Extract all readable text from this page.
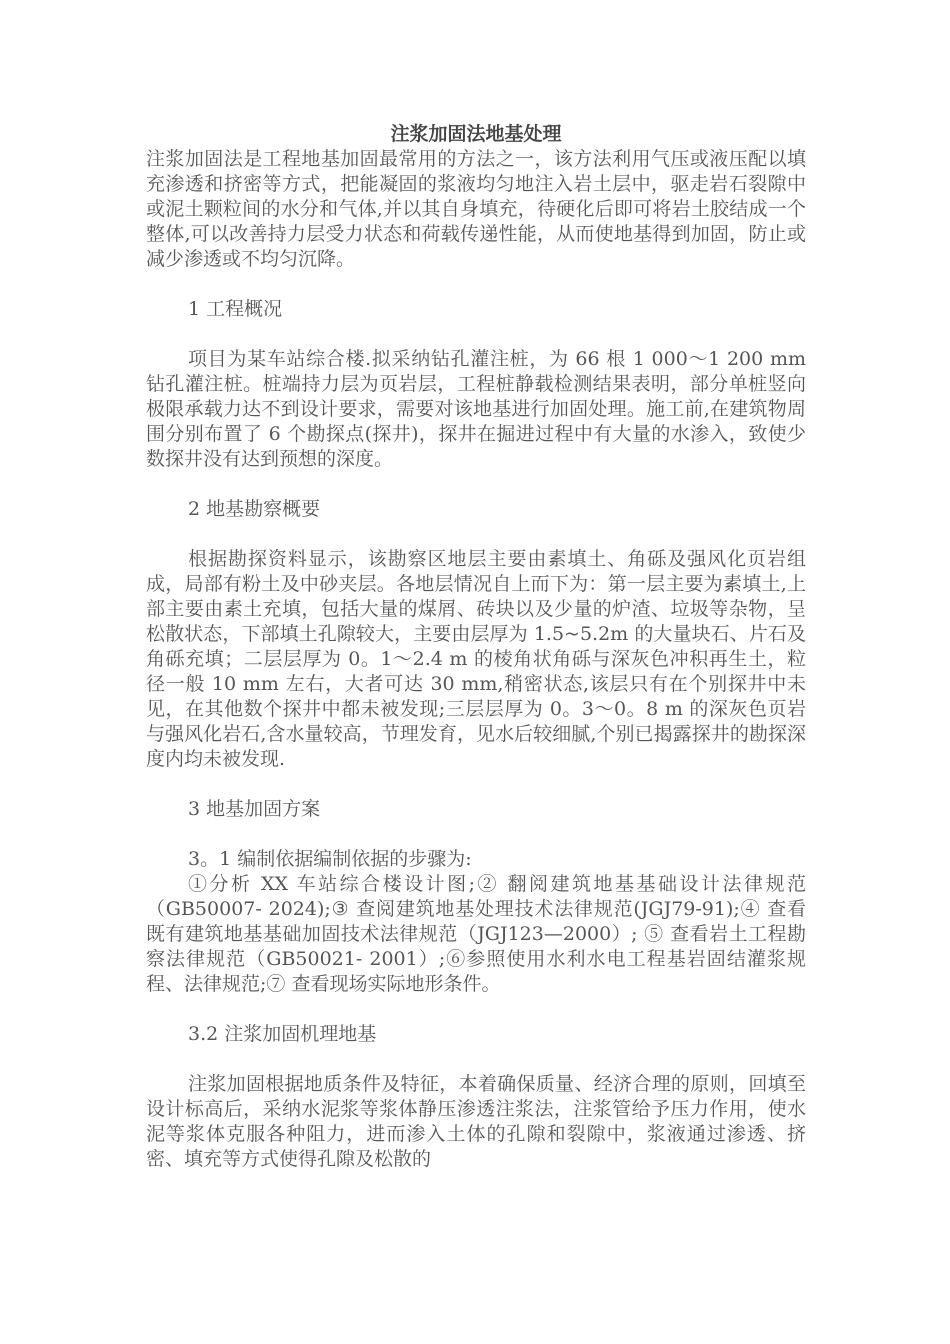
注浆加固法地基处理

注浆加固法是工程地基加固最常用的方法之一，该方法利用气压或液压配以填充渗透和挤密等方式，把能凝固的浆液均匀地注入岩土层中，驱走岩石裂隙中或泥土颗粒间的水分和气体,并以其自身填充，待硬化后即可将岩土胶结成一个整体,可以改善持力层受力状态和荷载传递性能，从而使地基得到加固，防止或减少渗透或不均匀沉降。

1 工程概况

项目为某车站综合楼.拟采纳钻孔灌注桩，为 66 根 1 000～1 200 mm 钻孔灌注桩。桩端持力层为页岩层，工程桩静载检测结果表明，部分单桩竖向极限承载力达不到设计要求，需要对该地基进行加固处理。施工前,在建筑物周围分别布置了 6 个勘探点(探井)，探井在掘进过程中有大量的水渗入，致使少数探井没有达到预想的深度。

2 地基勘察概要

根据勘探资料显示，该勘察区地层主要由素填土、角砾及强风化页岩组成，局部有粉土及中砂夹层。各地层情况自上而下为：第一层主要为素填土,上部主要由素土充填，包括大量的煤屑、砖块以及少量的炉渣、垃圾等杂物，呈松散状态，下部填土孔隙较大，主要由层厚为 1.5~5.2m 的大量块石、片石及角砾充填；二层层厚为 0。1～2.4 m 的棱角状角砾与深灰色冲积再生土，粒径一般 10 mm 左右，大者可达 30 mm,稍密状态,该层只有在个别探井中未见，在其他数个探井中都未被发现;三层层厚为 0。3～0。8 m 的深灰色页岩与强风化岩石,含水量较高，节理发育，见水后较细腻,个别已揭露探井的勘探深度内均未被发现.

3 地基加固方案

3。1 编制依据编制依据的步骤为:

①分析 XX 车站综合楼设计图;② 翻阅建筑地基基础设计法律规范（GB50007- 2024);③ 查阅建筑地基处理技术法律规范(JGJ79-91);④ 查看既有建筑地基基础加固技术法律规范（JGJ123—2000）; ⑤ 查看岩土工程勘察法律规范（GB50021- 2001）;⑥参照使用水利水电工程基岩固结灌浆规程、法律规范;⑦ 查看现场实际地形条件。

3.2 注浆加固机理地基

注浆加固根据地质条件及特征，本着确保质量、经济合理的原则，回填至设计标高后，采纳水泥浆等浆体静压渗透注浆法，注浆管给予压力作用，使水泥等浆体克服各种阻力，进而渗入土体的孔隙和裂隙中，浆液通过渗透、挤密、填充等方式使得孔隙及松散的
